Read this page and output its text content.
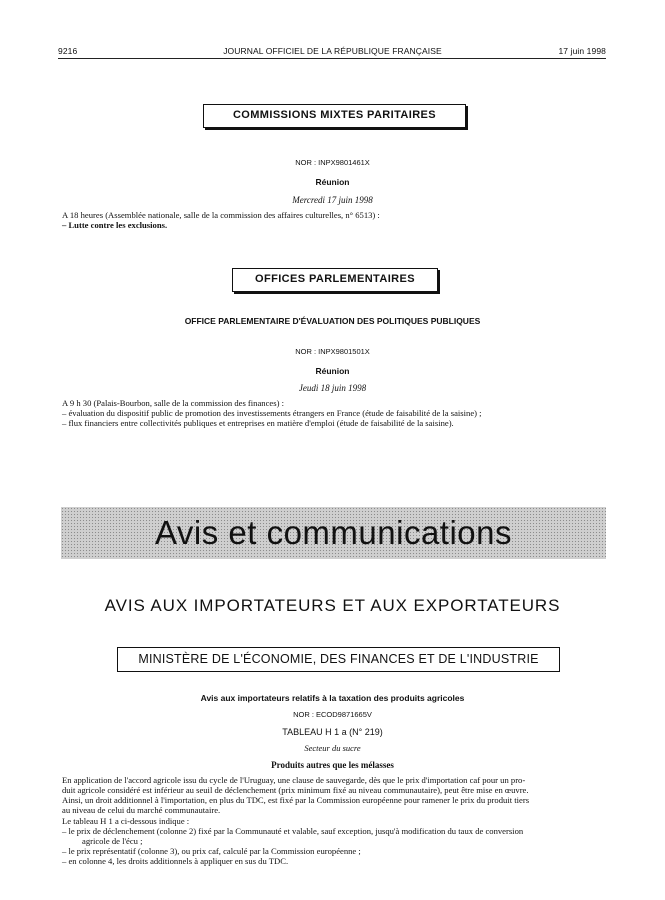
9216	JOURNAL OFFICIEL DE LA RÉPUBLIQUE FRANÇAISE	17 juin 1998
COMMISSIONS MIXTES PARITAIRES
NOR : INPX9801461X
Réunion
Mercredi 17 juin 1998
A 18 heures (Assemblée nationale, salle de la commission des affaires culturelles, n° 6513) :
– Lutte contre les exclusions.
OFFICES PARLEMENTAIRES
OFFICE PARLEMENTAIRE D'ÉVALUATION DES POLITIQUES PUBLIQUES
NOR : INPX9801501X
Réunion
Jeudi 18 juin 1998
A 9 h 30 (Palais-Bourbon, salle de la commission des finances) :
– évaluation du dispositif public de promotion des investissements étrangers en France (étude de faisabilité de la saisine) ;
– flux financiers entre collectivités publiques et entreprises en matière d'emploi (étude de faisabilité de la saisine).
Avis et communications
AVIS AUX IMPORTATEURS ET AUX EXPORTATEURS
MINISTÈRE DE L'ÉCONOMIE, DES FINANCES ET DE L'INDUSTRIE
Avis aux importateurs relatifs à la taxation des produits agricoles
NOR : ECOD9871665V
TABLEAU H 1 a (N° 219)
Secteur du sucre
Produits autres que les mélasses
En application de l'accord agricole issu du cycle de l'Uruguay, une clause de sauvegarde, dès que le prix d'importation caf pour un pro-
duit agricole considéré est inférieur au seuil de déclenchement (prix minimum fixé au niveau communautaire), peut être mise en œuvre.
Ainsi, un droit additionnel à l'importation, en plus du TDC, est fixé par la Commission européenne pour ramener le prix du produit tiers
au niveau de celui du marché communautaire.
Le tableau H 1 a ci-dessous indique :
– le prix de déclenchement (colonne 2) fixé par la Communauté et valable, sauf exception, jusqu'à modification du taux de conversion
agricole de l'écu ;
– le prix représentatif (colonne 3), ou prix caf, calculé par la Commission européenne ;
– en colonne 4, les droits additionnels à appliquer en sus du TDC.
